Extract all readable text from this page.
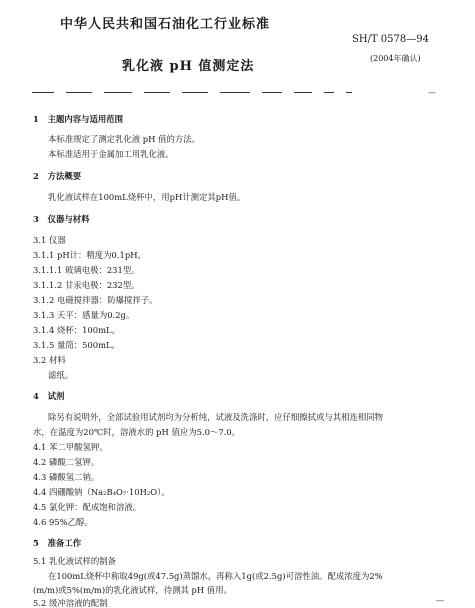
中华人民共和国石油化工行业标准
SH/T 0578—94
乳化液 pH 值测定法
(2004年确认)
—
1 主题内容与适用范围
本标准规定了测定乳化液 pH 值的方法。
本标准适用于金属加工用乳化液。
2 方法概要
乳化液试样在100mL烧杯中，用pH计测定其pH值。
3 仪器与材料
3.1 仪器
3.1.1 pH计：精度为0.1pH。
3.1.1.1 玻璃电极：231型。
3.1.1.2 甘汞电极：232型。
3.1.2 电磁搅拌器：防爆搅拌子。
3.1.3 天平：感量为0.2g。
3.1.4 烧杯：100mL。
3.1.5 量筒：500mL。
3.2 材料
滤纸。
4 试剂
除另有说明外，全部试验用试剂均为分析纯，试液及洗涤时，应仔细擦拭或与其相连相同物
水，在温度为20℃时，溶液水的 pH 值应为5.0～7.0。
4.1 苯二甲酸氢钾。
4.2 磷酸二氢钾。
4.3 磷酸氢二钠。
4.4 四硼酸钠（Na₂B₄O₇·10H₂O）。
4.5 氯化钾：配成饱和溶液。
4.6 95%乙醇。
5 准备工作
5.1 乳化液试样的制备
在100mL烧杯中称取49g(或47.5g)蒸馏水，再称入1g(或2.5g)可溶性油。配成浓度为2%
(m/m)或5%(m/m)的乳化液试样，待测其 pH 值用。
5.2 缓冲溶液的配制	—
